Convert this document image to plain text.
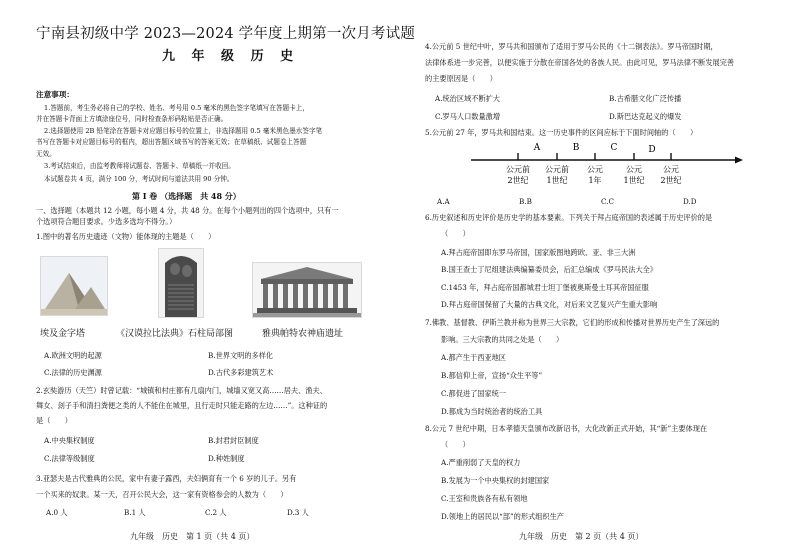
宁南县初级中学 2023—2024 学年度上期第一次月考试题
九 年 级 历 史
注意事项：
1.答题前，考生务必将自己的学校、姓名、考号用 0.5 毫米的黑色签字笔填写在答题卡上，
并在答题卡背面上方填涂座位号，同时检查条形码粘贴是否正确。
2.选择题使用 2B 铅笔涂在答题卡对应题目标号的位置上，非选择题用 0.5 毫米黑色墨水签字笔
书写在答题卡对应题目标号的框内，超出答题区域书写的答案无效；在草稿纸、试题卷上答题
无效。
3.考试结束后，由监考教师将试题卷、答题卡、草稿纸一并收回。
本试题卷共 4 页，满分 100 分，考试时间与道法共用 90 分钟。
第 Ⅰ 卷 （选择题　共 48 分）
一、选择题（本题共 12 小题，每小题 4 分，共 48 分。在每个小题列出的四个选项中，只有一
个选项符合题目要求。少选多选均不得分。）
1.图中的著名历史遗迹（文物）能体现的主题是（　　）
埃及金字塔	《汉谟拉比法典》石柱局部图	雅典帕特农神庙遗址
A.欧洲文明的起源	B.世界文明的多样化
C.法律的历史渊源	D.古代多彩建筑艺术
2.玄奘游历（天竺）时曾记载：“城镇和村庄都有几扇内门，城墙又宽又高……居夫、渔夫、
舞女、刽子手和清扫粪便之类的人不能住在城里，且行走时只能走路的左边……”。这种证的
是（　　）
A.中央集权制度	B.封君封臣制度
C.法律等级制度	D.种姓制度
3.亚瑟夫是古代雅典的公民，家中有妻子露西，夫妇俩育有一个 6 岁的儿子。另有
一个买来的奴隶。某一天，召开公民大会，这一家有资格参会的人数为（　　）
A.0 人	B.1 人	C.2 人	D.3 人
九年级　历史　第 1 页（共 4 页）
4.公元前 5 世纪中叶，罗马共和国颁布了适用于罗马公民的《十二铜表法》。罗马帝国时期，
法律体系进一步完善，以便实施于分散在帝国各处的各族人民。由此可见，罗马法律不断发展完善
的主要原因是（　　）
A.统治区域不断扩大	B.古希腊文化广泛传播
C.罗马人口数量激增	D.斯巴达克起义的爆发
5.公元前 27 年，罗马共和国结束。这一历史事件的区间应标于下面时间轴的（　　）
A	B	C	D
公元前
2世纪
公元前
1世纪
公元
1年
公元
1世纪
公元
2世纪
A.A	B.B	C.C	D.D
6.历史叙述和历史评价是历史学的基本要素。下列关于拜占庭帝国的表述属于历史评价的是
（　　）
A.拜占庭帝国即东罗马帝国，国家版图地跨欧、亚、非三大洲
B.国王查士丁尼组建法典编纂委员会，后汇总编成《罗马民法大全》
C.1453 年，拜占庭帝国都城君士坦丁堡被奥斯曼土耳其帝国征服
D.拜占庭帝国保留了大量的古典文化，对后来文艺复兴产生重大影响
7.佛教、基督教、伊斯兰教并称为世界三大宗教，它们的形成和传播对世界历史产生了深远的
影响。三大宗教的共同之处是（　　）
A.都产生于西亚地区
B.都信仰上帝，宣扬“众生平等”
C.都促进了国家统一
D.都成为当时统治者的统治工具
8.公元 7 世纪中期，日本孝德天皇颁布改新诏书，大化改新正式开始，其“新”主要体现在
（　　）
A.严重削弱了天皇的权力
B.发展为一个中央集权的封建国家
C.王室和贵族各有私有领地
D.领地上的居民以“部”的形式组织生产
九年级　历史　第 2 页（共 4 页）
